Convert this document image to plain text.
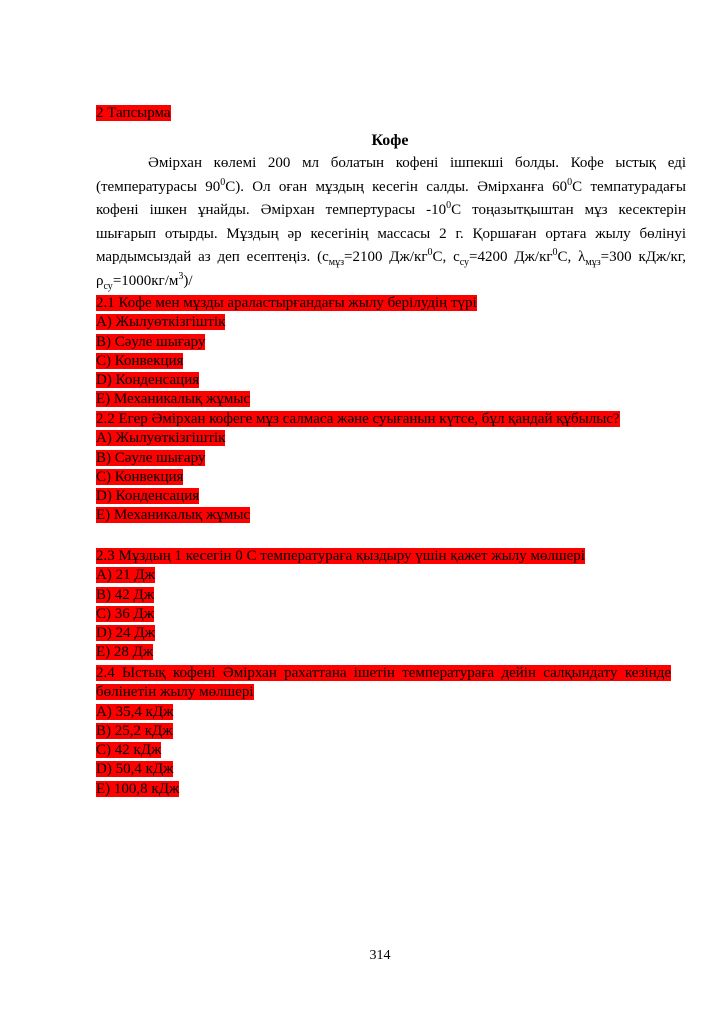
2 Тапсырма
Кофе

Әмірхан көлемі 200 мл болатын кофені ішпекші болды. Кофе ыстық еді (температурасы $90^0С$). Ол оған мұздың кесегін салды. Әмірханға $60^0С$ темпатурадағы кофені ішкен ұнайды. Әмірхан темпертурасы $-10^0С$ тоңазытқыштан мұз кесектерін шығарып отырды. Мұздың әр кесегінің массасы 2 г. Қоршаған ортаға жылу бөлінуі мардымсыздай аз деп есептеңіз. ($с_{мұз}=2100$ $Дж/кг^0С$, $с_{су}=4200$ $Дж/кг^0С$, $\lambda_{мұз}=300$ кДж/кг, $\rho_{су}=1000кг/м^3)/$

2.1 Кофе мен мұзды араластырғандағы жылу берілудің түрі
А) Жылуөткізгіштік
B) Сәуле шығару
С) Конвекция
D) Конденсация
E) Механикалық жұмыс
2.2 Егер Әмірхан кофеге мұз салмаса және суығанын күтсе, бұл қандай құбылыс?
А) Жылуөткізгіштік
B) Сәуле шығару
С) Конвекция
D) Конденсация
E) Механикалық жұмыс
2.3 Мұздың 1 кесегін 0 С температураға қыздыру үшін қажет жылу мөлшері
А) 21 Дж
B) 42 Дж
С) 36 Дж
D) 24 Дж
E) 28 Дж
2.4 Ыстық кофені Әмірхан рахаттана ішетін температураға дейін салқындату кезінде бөлінетін жылу мөлшері
А) 35,4 кДж
B) 25,2 кДж
С) 42 кДж
D) 50,4 кДж
E) 100,8 кДж
314
